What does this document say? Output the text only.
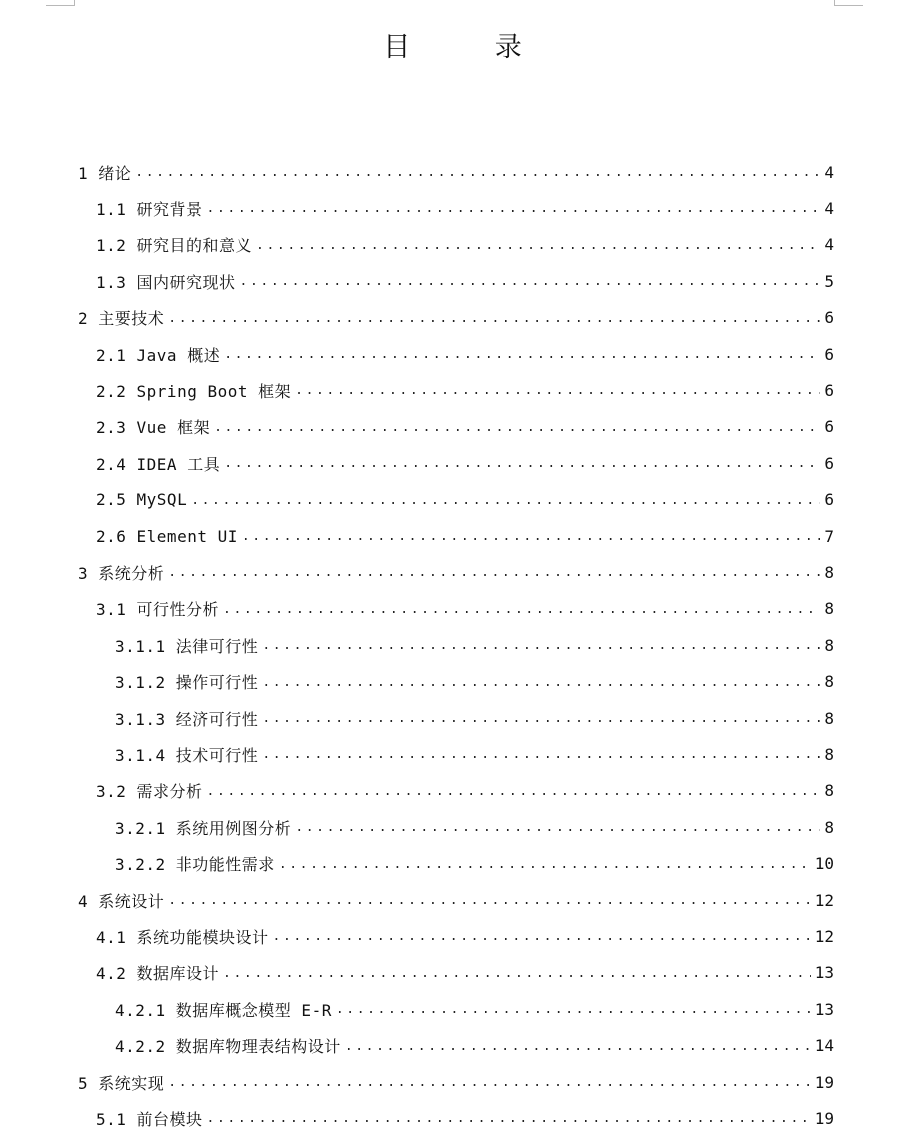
目 录
1 绪论 .....	4
1.1 研究背景 .....	4
1.2 研究目的和意义 .....	4
1.3 国内研究现状 .....	5
2 主要技术 .....	6
2.1 Java 概述 .....	6
2.2 Spring Boot 框架 .....	6
2.3 Vue 框架 .....	6
2.4 IDEA 工具 .....	6
2.5 MySQL .....	6
2.6 Element UI .....	7
3 系统分析 .....	8
3.1 可行性分析 .....	8
3.1.1 法律可行性 .....	8
3.1.2 操作可行性 .....	8
3.1.3 经济可行性 .....	8
3.1.4 技术可行性 .....	8
3.2 需求分析 .....	8
3.2.1 系统用例图分析 .....	8
3.2.2 非功能性需求 .....	10
4 系统设计 .....	12
4.1 系统功能模块设计 .....	12
4.2 数据库设计 .....	13
4.2.1 数据库概念模型 E-R .....	13
4.2.2 数据库物理表结构设计 .....	14
5 系统实现 .....	19
5.1 前台模块 .....	19
